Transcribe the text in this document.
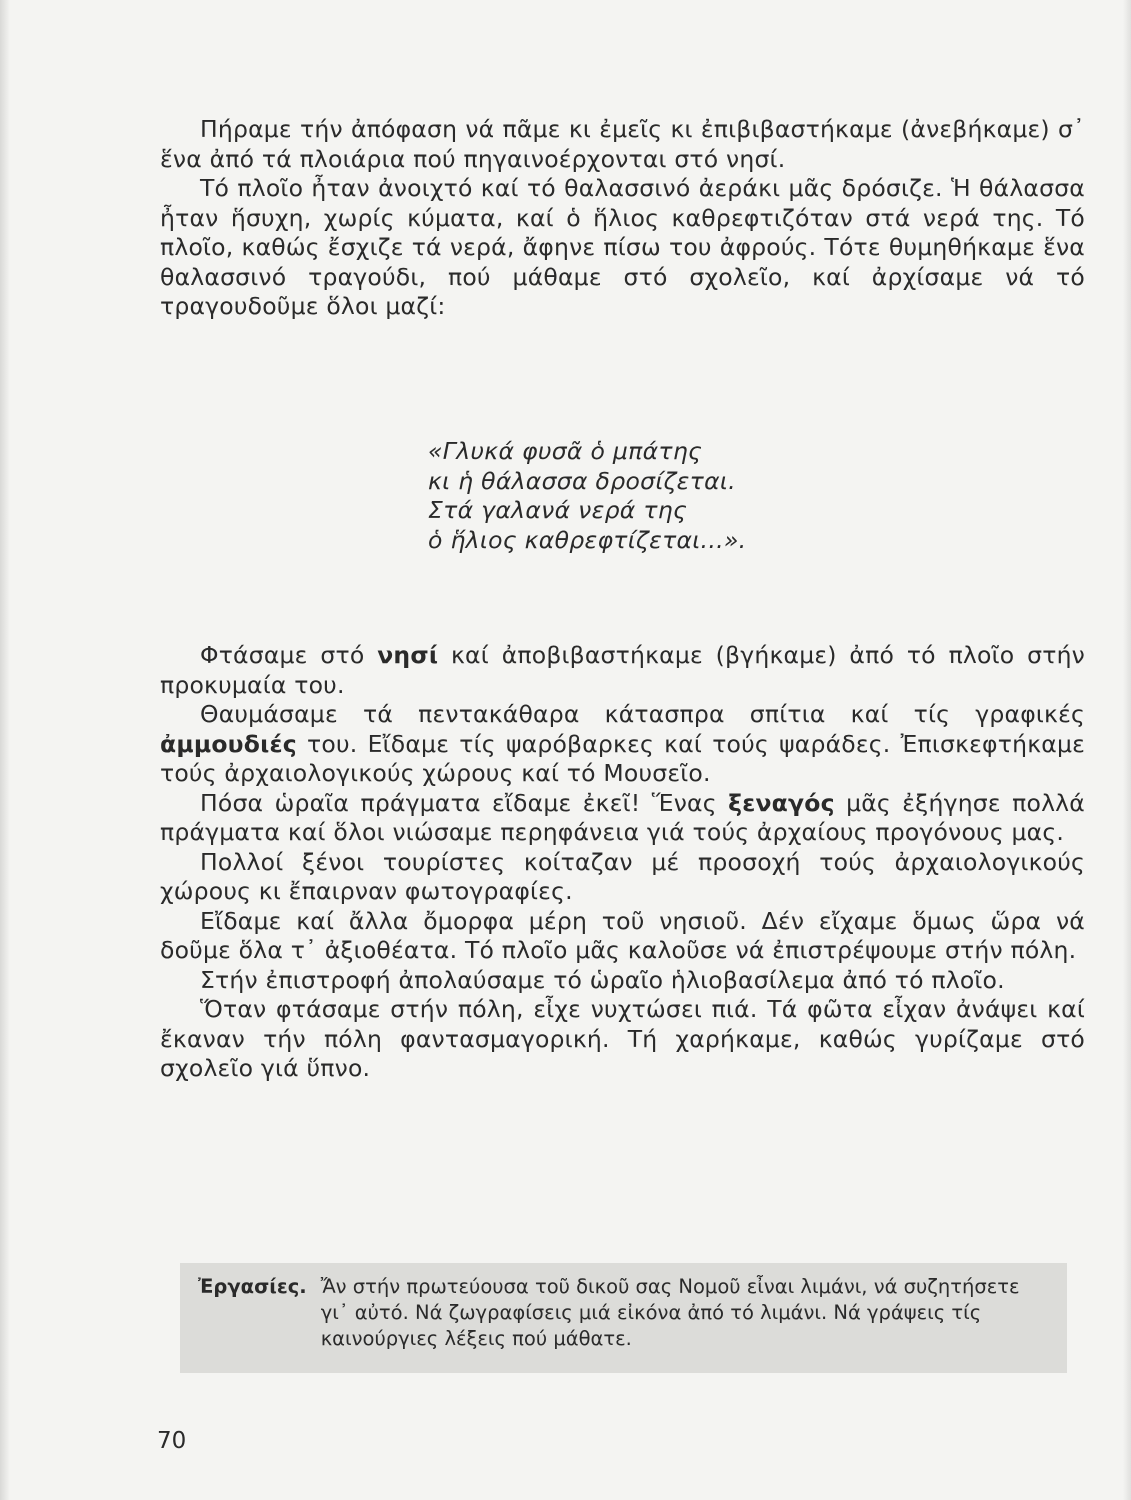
Πήραμε τήν ἀπόφαση νά πᾶμε κι ἐμεῖς κι ἐπιβιβαστήκαμε (ἀνεβήκαμε) σ᾽ ἕνα ἀπό τά πλοιάρια πού πηγαινοέρχονται στό νησί.

Τό πλοῖο ἦταν ἀνοιχτό καί τό θαλασσινό ἀεράκι μᾶς δρόσιζε. Ἡ θάλασσα ἦταν ἥσυχη, χωρίς κύματα, καί ὁ ἥλιος καθρεφτιζόταν στά νερά της. Τό πλοῖο, καθώς ἔσχιζε τά νερά, ἄφηνε πίσω του ἀφρούς. Τότε θυμηθήκαμε ἕνα θαλασσινό τραγούδι, πού μάθαμε στό σχολεῖο, καί ἀρχίσαμε νά τό τραγουδοῦμε ὅλοι μαζί:

«Γλυκά φυσᾶ ὁ μπάτης
κι ἡ θάλασσα δροσίζεται.
Στά γαλανά νερά της
ὁ ἥλιος καθρεφτίζεται...».

Φτάσαμε στό νησί καί ἀποβιβαστήκαμε (βγήκαμε) ἀπό τό πλοῖο στήν προκυμαία του.

Θαυμάσαμε τά πεντακάθαρα κάτασπρα σπίτια καί τίς γραφικές ἀμμουδιές του. Εἴδαμε τίς ψαρόβαρκες καί τούς ψαράδες. Ἐπισκεφτήκαμε τούς ἀρχαιολογικούς χώρους καί τό Μουσεῖο.

Πόσα ὡραῖα πράγματα εἴδαμε ἐκεῖ! Ἕνας ξεναγός μᾶς ἐξήγησε πολλά πράγματα καί ὅλοι νιώσαμε περηφάνεια γιά τούς ἀρχαίους προγόνους μας.

Πολλοί ξένοι τουρίστες κοίταζαν μέ προσοχή τούς ἀρχαιολογικούς χώρους κι ἔπαιρναν φωτογραφίες.

Εἴδαμε καί ἄλλα ὄμορφα μέρη τοῦ νησιοῦ. Δέν εἴχαμε ὅμως ὥρα νά δοῦμε ὅλα τ᾽ ἀξιοθέατα. Τό πλοῖο μᾶς καλοῦσε νά ἐπιστρέψουμε στήν πόλη.

Στήν ἐπιστροφή ἀπολαύσαμε τό ὡραῖο ἡλιοβασίλεμα ἀπό τό πλοῖο.

Ὅταν φτάσαμε στήν πόλη, εἶχε νυχτώσει πιά. Τά φῶτα εἶχαν ἀνάψει καί ἔκαναν τήν πόλη φαντασμαγορική. Τή χαρήκαμε, καθώς γυρίζαμε στό σχολεῖο γιά ὕπνο.

Ἐργασίες. Ἄν στήν πρωτεύουσα τοῦ δικοῦ σας Νομοῦ εἶναι λιμάνι, νά συζητήσετε γι᾽ αὐτό. Νά ζωγραφίσεις μιά εἰκόνα ἀπό τό λιμάνι. Νά γράψεις τίς καινούργιες λέξεις πού μάθατε.
70
